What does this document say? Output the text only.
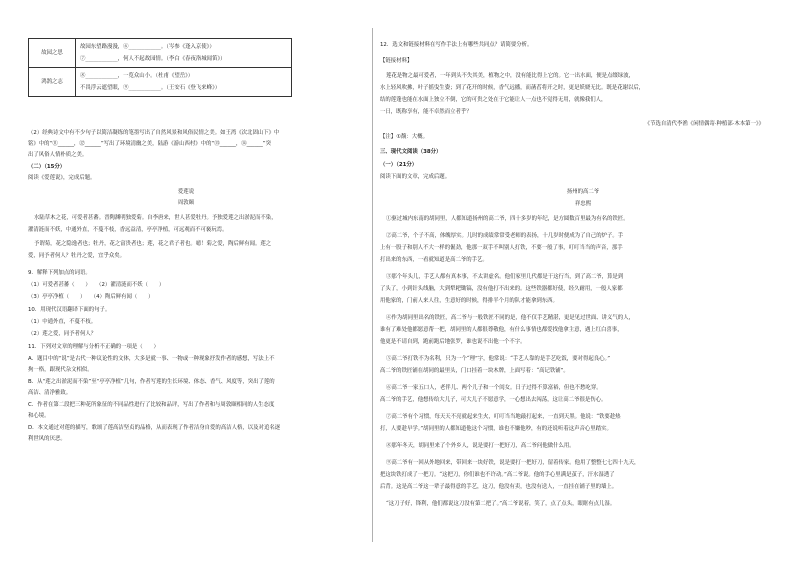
故园之思	故园东望路漫漫，⑥____________。（岑参《逢入京使》）
⑦____________，何人不起故园情。（李白《春夜洛城闻笛》）

鸿鹄之志	⑧____________，一览众山小。（杜甫《望岳》）
不畏浮云遮望眼，⑨____________。（王安石《登飞来峰》）
（2）经典诗文中有不少句子以简洁凝练的笔墨写出了自然风景和风俗民情之美。如王湾《次北固山下》中
铭》中的“⑪______，⑫______”写出了环境清幽之美，陆游《游山西村》中的“⑬______，⑭______”突
出了风俗人情朴质之美。
（二）（15分）
阅读《爱莲说》，完成后题。
爱莲说
周敦颐
水陆草木之花，可爱者甚蕃。晋陶渊明独爱菊。自李唐来，世人甚爱牡丹。予独爱莲之出淤泥而不染，
濯清涟而不妖，中通外直，不蔓不枝，香远益清，亭亭净植，可远观而不可亵玩焉。
予谓菊，花之隐逸者也；牡丹，花之富贵者也；莲，花之君子者也。噫！菊之爱，陶后鲜有闻。莲之
爱，同予者何人？牡丹之爱，宜乎众矣。
9．解释下列加点的词语。
（1）可爱者甚蕃（　　）　　（2）濯清涟而不妖（　　）
（3）亭亭净植（　　）　　（4）陶后鲜有闻（　　）
10．用现代汉语翻译下面的句子。
（1）中通外直，不蔓不枝。
（2）莲之爱，同予者何人？
11．下列对文章的理解与分析不正确的一项是（　　）
A．题目中的“说”是古代一种议论性的文体，大多是就一事、一物或一种现象抒发作者的感想，写法上不
拘一格，跟现代杂文相似。
B．从“莲之出淤泥而不染”至“亭亭净植”几句，作者写莲的生长环境、体态、香气、风度等，突出了莲的
高洁、清净雅致。
C．作者在第二段把三种花所象征的不同品性进行了比较和品评，写出了作者和与周敦颐相同的人生态度
和心境。
D．本文通过对莲的描写，歌颂了莲高洁坚贞的品格，从而表现了作者洁身自爱的高洁人格，以及对追名逐
利世风的厌恶。
12．选文和链接材料在写作手法上有哪些共同点？请简要分析。
【链接材料】
莲花是物之最可爱者，一年到头不失其美，植物之中，没有能比得上它的。它一出水面，便是点缀绿波，
水上轻风吹拂，叶子摇曳生姿；到了花开的时候，香气远播，而菡萏将开之时，更是妖娆无比。既是花谢以后，
结的莲蓬也能在水面上独立不倒，它的可贵之处在于它能让人一点也不觉得无用，就像我们人，
一日，既称享有，能不卓然而立者乎？
《节选自清代李渔《闲情偶寄·种植部·木本第一》》
【注】①馥：大概。
三、现代文阅读（38分）
（一）（21分）
阅读下面的文章，完成后题。
扬州的高二爷
祥忠熙
①驱过城内东南的胡同里，人都知道扬州的高二爷，四十多岁的年纪，是方圆数百里最为有名的铁匠。
②高二爷，个子不高，体魄厚实。儿时的成绩常常受老师的表扬，十几岁时便成为了自己的炉子。手
上有一股子和别人不大一样的倔劲，他那一双手不叫别人打铁，不要一般了事，叮叮当当的声音，那手
打出来的东西，一看就知道是高二爷的手艺。
③那个年头儿，手艺人都有真本事，不太讲虚名。他们家里几代都是干这行当，到了高二爷，算是到
了头了，小到针头线脑，大到犁耙锄镐，没有他打不出来的。这些铁器都好使，经久耐用，一般人家都
用他家的，门前人来人往，生意好的时候，得排半个月的队才能拿到东西。
④作为胡同里出名的铁匠，高二爷与一般铁匠不同的是，他不仅手艺精湛，更是见过世面、讲义气的人，
谁有了难处他都愿意帮一把，胡同里的人都很尊敬他，有什么事情也都爱找他拿主意，遇上红白喜事，
他更是不请自到，跑前跑后地张罗，谁也说不出他一个不字。
⑤高二爷打铁不为名利，只为一个“理”字，他常说：“手艺人靠的是手艺吃饭，要对得起良心。”
高二爷的铁匠铺在胡同的最里头，门口挂着一块木牌，上面写着：“高记铁铺”。
⑥高二爷一家五口人，老伴儿、两个儿子和一个闺女。日子过得不算富裕，但也不愁吃穿。
高二爷的手艺，他想传给大儿子，可大儿子不愿意学，一心想出去闯荡，这让高二爷很是伤心。
⑦高二爷有个习惯，每天天不亮就起来生火，叮叮当当地敲打起来，一直到天黑。他说：“铁要趁热
打，人要趁早学。”胡同里的人都知道他这个习惯，谁也不嫌他吵，有的还说听着这声音心里踏实。
⑧那年冬天，胡同里来了个外乡人，说是要打一把好刀，高二爷问他做什么用。
⑨高二爷有一回从外地回来，带回来一块好铁，说是要打一把好刀，留着传家。他用了整整七七四十九天，
把这块铁打成了一把刀。“这把刀，你们谁也不许动。”高二爷说。他的手心里满是茧子，汗水湿透了
后背。这是高二爷这一辈子最得意的手艺，这刀，他没有卖，也没有送人，一直挂在铺子里的墙上。
“这刀子好，锋利，他们都说这刀没有第二把了。”高二爷说着，笑了，点了点头，眼眶有点儿湿。
